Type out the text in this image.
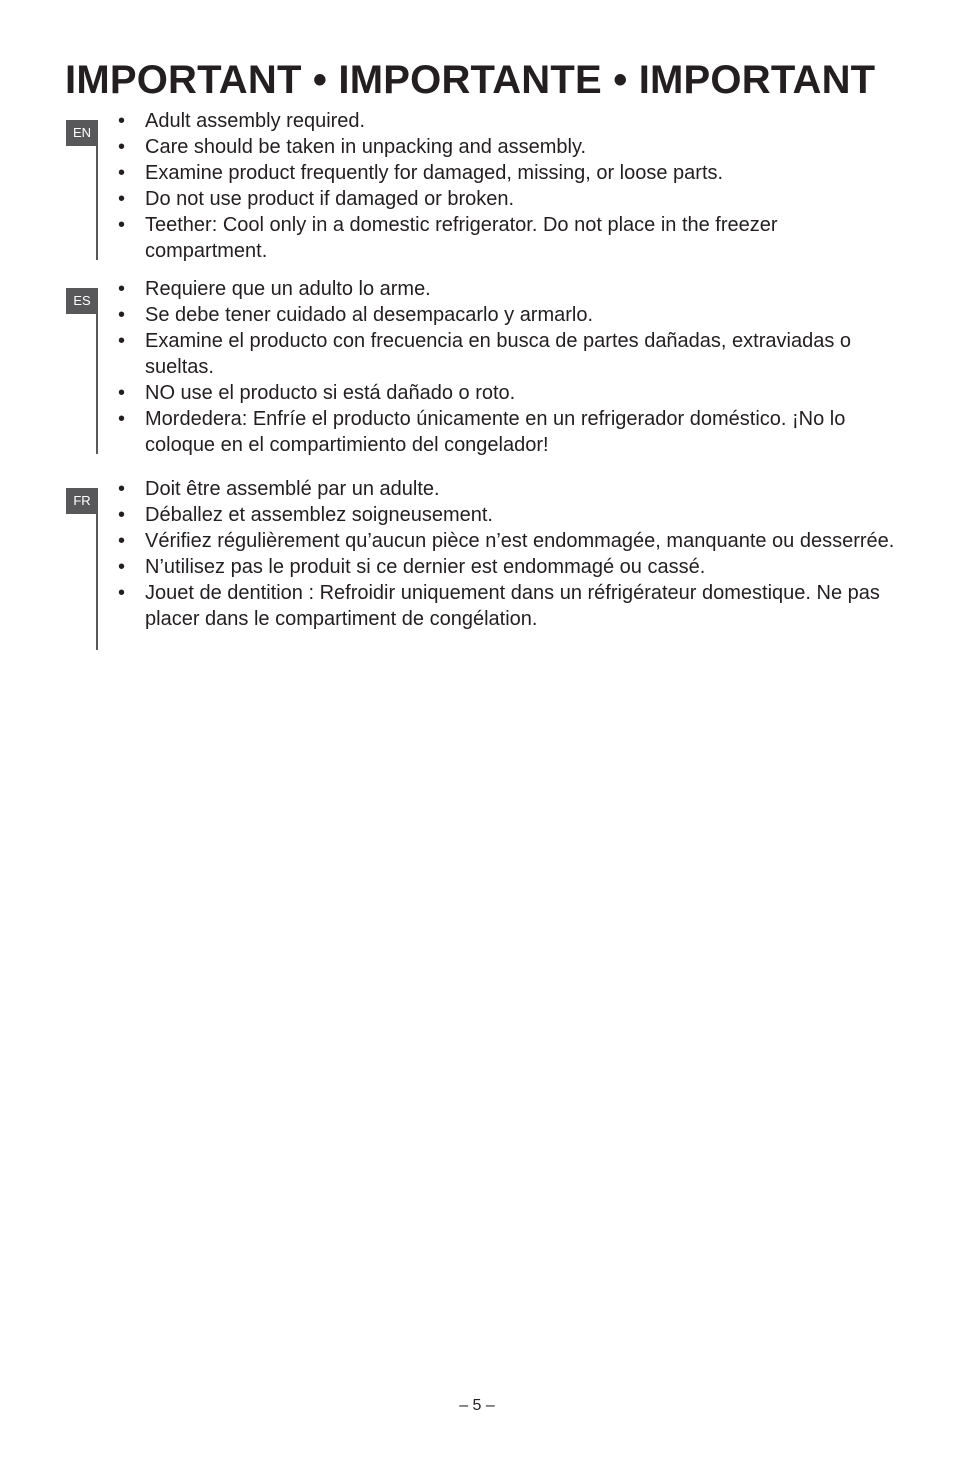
IMPORTANT • IMPORTANTE • IMPORTANT
EN
• Adult assembly required.
• Care should be taken in unpacking and assembly.
• Examine product frequently for damaged, missing, or loose parts.
• Do not use product if damaged or broken.
• Teether: Cool only in a domestic refrigerator. Do not place in the freezer compartment.
ES
• Requiere que un adulto lo arme.
• Se debe tener cuidado al desempacarlo y armarlo.
• Examine el producto con frecuencia en busca de partes dañadas, extraviadas o sueltas.
• NO use el producto si está dañado o roto.
• Mordedera: Enfríe el producto únicamente en un refrigerador doméstico. ¡No lo coloque en el compartimiento del congelador!
FR
• Doit être assemblé par un adulte.
• Déballez et assemblez soigneusement.
• Vérifiez régulièrement qu’aucun pièce n’est endommagée, manquante ou desserrée.
• N’utilisez pas le produit si ce dernier est endommagé ou cassé.
• Jouet de dentition : Refroidir uniquement dans un réfrigérateur domestique. Ne pas placer dans le compartiment de congélation.
– 5 –
